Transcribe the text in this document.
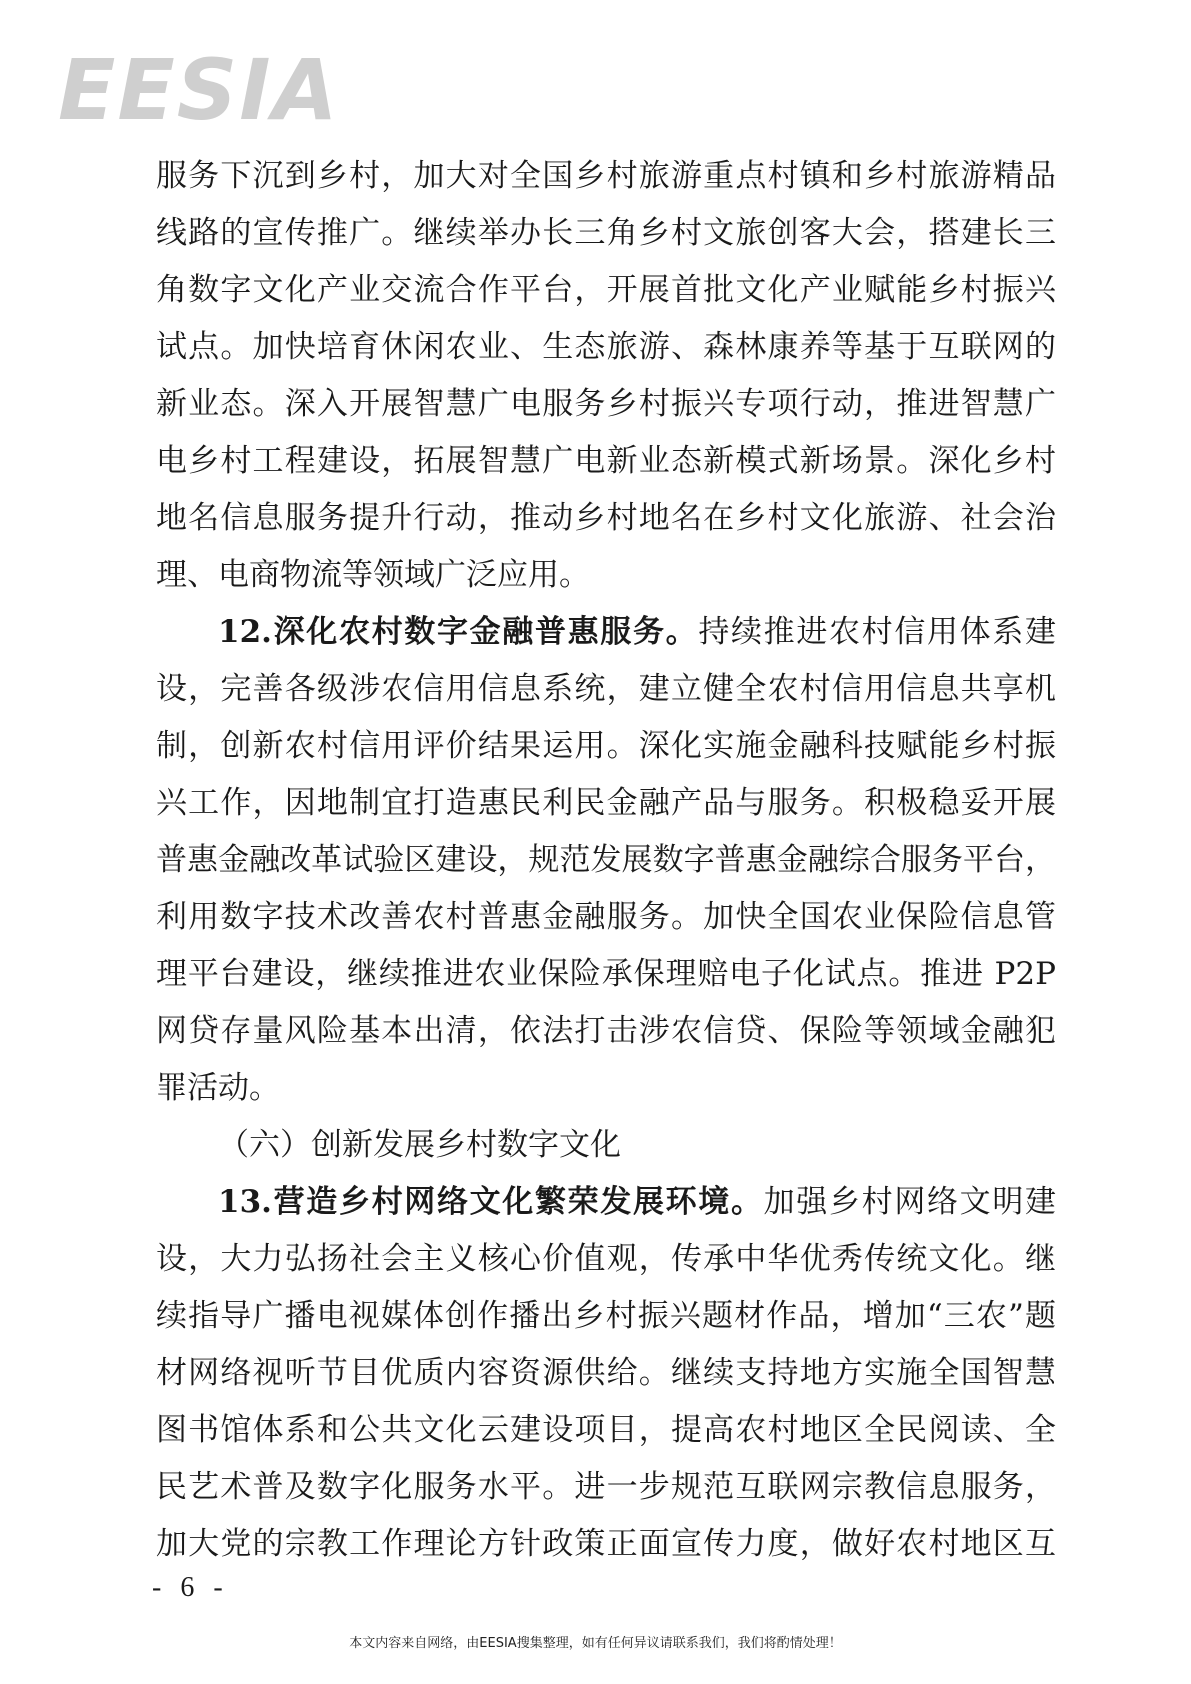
EESIA
服务下沉到乡村，加大对全国乡村旅游重点村镇和乡村旅游精品
线路的宣传推广。继续举办长三角乡村文旅创客大会，搭建长三
角数字文化产业交流合作平台，开展首批文化产业赋能乡村振兴
试点。加快培育休闲农业、生态旅游、森林康养等基于互联网的
新业态。深入开展智慧广电服务乡村振兴专项行动，推进智慧广
电乡村工程建设，拓展智慧广电新业态新模式新场景。深化乡村
地名信息服务提升行动，推动乡村地名在乡村文化旅游、社会治
理、电商物流等领域广泛应用。
12.深化农村数字金融普惠服务。持续推进农村信用体系建
设，完善各级涉农信用信息系统，建立健全农村信用信息共享机
制，创新农村信用评价结果运用。深化实施金融科技赋能乡村振
兴工作，因地制宜打造惠民利民金融产品与服务。积极稳妥开展
普惠金融改革试验区建设，规范发展数字普惠金融综合服务平台，
利用数字技术改善农村普惠金融服务。加快全国农业保险信息管
理平台建设，继续推进农业保险承保理赔电子化试点。推进 P2P
网贷存量风险基本出清，依法打击涉农信贷、保险等领域金融犯
罪活动。
（六）创新发展乡村数字文化
13.营造乡村网络文化繁荣发展环境。加强乡村网络文明建
设，大力弘扬社会主义核心价值观，传承中华优秀传统文化。继
续指导广播电视媒体创作播出乡村振兴题材作品，增加“三农”题
材网络视听节目优质内容资源供给。继续支持地方实施全国智慧
图书馆体系和公共文化云建设项目，提高农村地区全民阅读、全
民艺术普及数字化服务水平。进一步规范互联网宗教信息服务，
加大党的宗教工作理论方针政策正面宣传力度，做好农村地区互
- 6 -
本文内容来自网络，由EESIA搜集整理，如有任何异议请联系我们，我们将酌情处理！
